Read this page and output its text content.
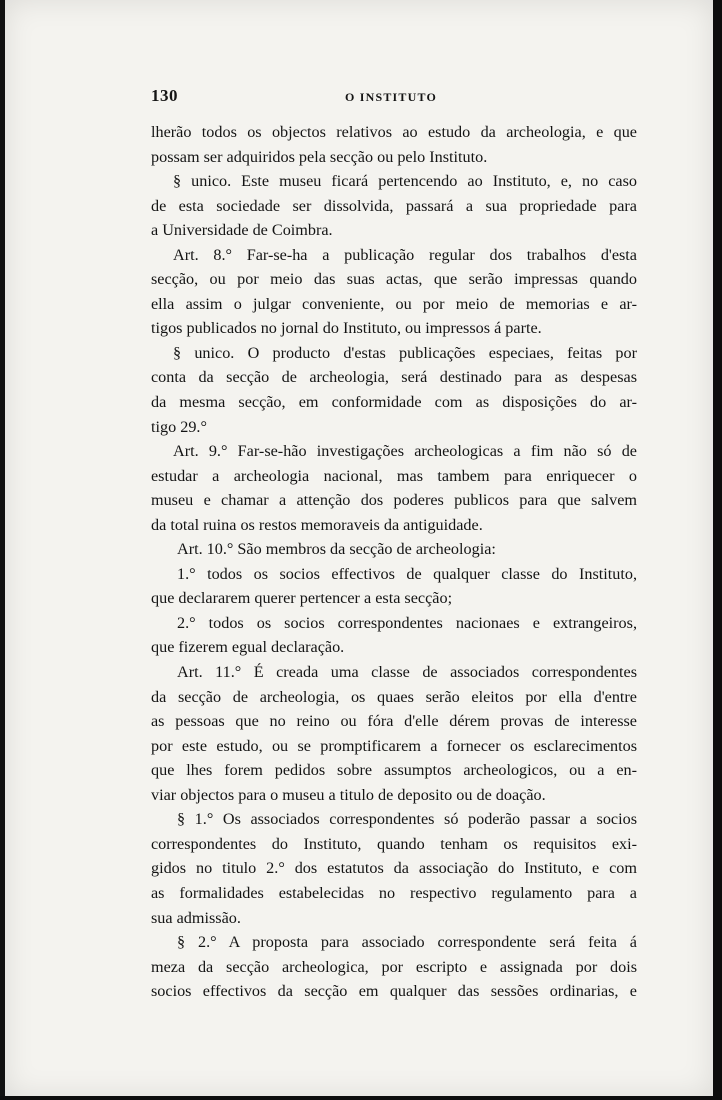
130	O INSTITUTO
lherão todos os objectos relativos ao estudo da archeologia, e que
possam ser adquiridos pela secção ou pelo Instituto.
§ unico. Este museu ficará pertencendo ao Instituto, e, no caso
de esta sociedade ser dissolvida, passará a sua propriedade para
a Universidade de Coimbra.
Art. 8.° Far-se-ha a publicação regular dos trabalhos d'esta
secção, ou por meio das suas actas, que serão impressas quando
ella assim o julgar conveniente, ou por meio de memorias e ar-
tigos publicados no jornal do Instituto, ou impressos á parte.
§ unico. O producto d'estas publicações especiaes, feitas por
conta da secção de archeologia, será destinado para as despesas
da mesma secção, em conformidade com as disposições do ar-
tigo 29.°
Art. 9.° Far-se-hão investigações archeologicas a fim não só de
estudar a archeologia nacional, mas tambem para enriquecer o
museu e chamar a attenção dos poderes publicos para que salvem
da total ruina os restos memoraveis da antiguidade.
Art. 10.° São membros da secção de archeologia:
1.° todos os socios effectivos de qualquer classe do Instituto,
que declararem querer pertencer a esta secção;
2.° todos os socios correspondentes nacionaes e extrangeiros,
que fizerem egual declaração.
Art. 11.° É creada uma classe de associados correspondentes
da secção de archeologia, os quaes serão eleitos por ella d'entre
as pessoas que no reino ou fóra d'elle dérem provas de interesse
por este estudo, ou se promptificarem a fornecer os esclarecimentos
que lhes forem pedidos sobre assumptos archeologicos, ou a en-
viar objectos para o museu a titulo de deposito ou de doação.
§ 1.° Os associados correspondentes só poderão passar a socios
correspondentes do Instituto, quando tenham os requisitos exi-
gidos no titulo 2.° dos estatutos da associação do Instituto, e com
as formalidades estabelecidas no respectivo regulamento para a
sua admissão.
§ 2.° A proposta para associado correspondente será feita á
meza da secção archeologica, por escripto e assignada por dois
socios effectivos da secção em qualquer das sessões ordinarias, e
